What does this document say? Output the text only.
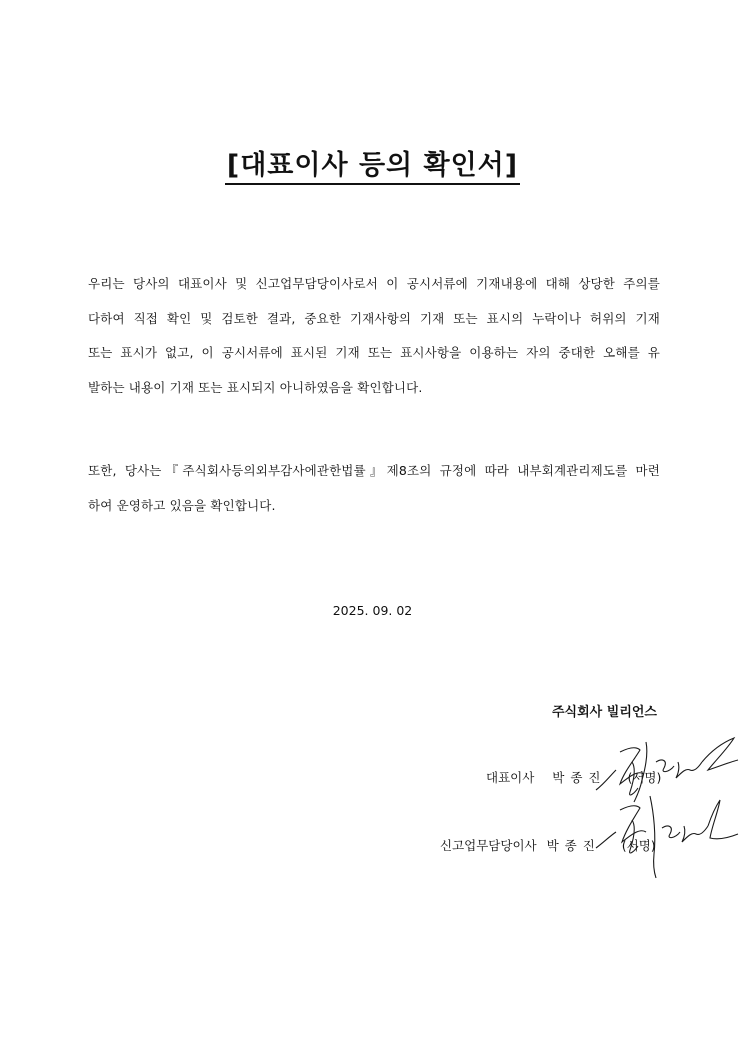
[대표이사 등의 확인서]
우리는 당사의 대표이사 및 신고업무담당이사로서 이 공시서류에 기재내용에 대해 상당한 주의를
다하여 직접 확인 및 검토한 결과, 중요한 기재사항의 기재 또는 표시의 누락이나 허위의 기재
또는 표시가 없고, 이 공시서류에 표시된 기재 또는 표시사항을 이용하는 자의 중대한 오해를 유
발하는 내용이 기재 또는 표시되지 아니하였음을 확인합니다.
또한, 당사는『주식회사등의외부감사에관한법률』제8조의 규정에 따라 내부회계관리제도를 마련
하여 운영하고 있음을 확인합니다.

2025. 09. 02

주식회사 빌리언스

대표이사 박 종 진 (서명)

신고업무담당이사 박 종 진 (서명)
